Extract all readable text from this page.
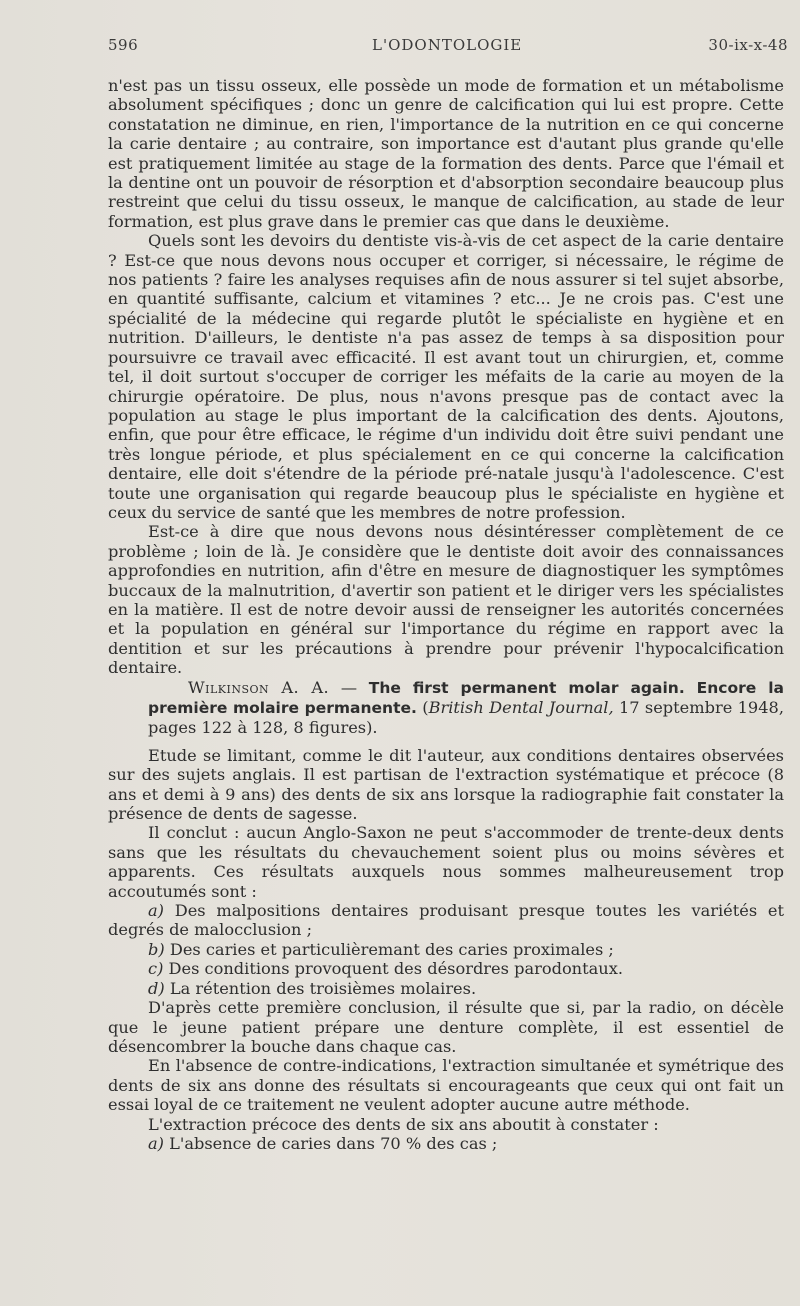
596	L'ODONTOLOGIE	30-ix-x-48

n'est pas un tissu osseux, elle possède un mode de formation et un métabolisme absolument spécifiques ; donc un genre de calcification qui lui est propre. Cette constatation ne diminue, en rien, l'importance de la nutrition en ce qui concerne la carie dentaire ; au contraire, son importance est d'autant plus grande qu'elle est pratiquement limitée au stage de la formation des dents. Parce que l'émail et la dentine ont un pouvoir de résorption et d'absorption secondaire beaucoup plus restreint que celui du tissu osseux, le manque de calcification, au stade de leur formation, est plus grave dans le premier cas que dans le deuxième.

Quels sont les devoirs du dentiste vis-à-vis de cet aspect de la carie dentaire ? Est-ce que nous devons nous occuper et corriger, si nécessaire, le régime de nos patients ? faire les analyses requises afin de nous assurer si tel sujet absorbe, en quantité suffisante, calcium et vitamines ? etc... Je ne crois pas. C'est une spécialité de la médecine qui regarde plutôt le spécialiste en hygiène et en nutrition. D'ailleurs, le dentiste n'a pas assez de temps à sa disposition pour poursuivre ce travail avec efficacité. Il est avant tout un chirurgien, et, comme tel, il doit surtout s'occuper de corriger les méfaits de la carie au moyen de la chirurgie opératoire. De plus, nous n'avons presque pas de contact avec la population au stage le plus important de la calcification des dents. Ajoutons, enfin, que pour être efficace, le régime d'un individu doit être suivi pendant une très longue période, et plus spécialement en ce qui concerne la calcification dentaire, elle doit s'étendre de la période pré-natale jusqu'à l'adolescence. C'est toute une organisation qui regarde beaucoup plus le spécialiste en hygiène et ceux du service de santé que les membres de notre profession.

Est-ce à dire que nous devons nous désintéresser complètement de ce problème ; loin de là. Je considère que le dentiste doit avoir des connaissances approfondies en nutrition, afin d'être en mesure de diagnostiquer les symptômes buccaux de la malnutrition, d'avertir son patient et le diriger vers les spécialistes en la matière. Il est de notre devoir aussi de renseigner les autorités concernées et la population en général sur l'importance du régime en rapport avec la dentition et sur les précautions à prendre pour prévenir l'hypocalcification dentaire.

Wilkinson A. A. — The first permanent molar again. Encore la première molaire permanente. (British Dental Journal, 17 septembre 1948, pages 122 à 128, 8 figures).

Etude se limitant, comme le dit l'auteur, aux conditions dentaires observées sur des sujets anglais. Il est partisan de l'extraction systématique et précoce (8 ans et demi à 9 ans) des dents de six ans lorsque la radiographie fait constater la présence de dents de sagesse.

Il conclut : aucun Anglo-Saxon ne peut s'accommoder de trente-deux dents sans que les résultats du chevauchement soient plus ou moins sévères et apparents. Ces résultats auxquels nous sommes malheureusement trop accoutumés sont :

a) Des malpositions dentaires produisant presque toutes les variétés et degrés de malocclusion ;

b) Des caries et particulièremant des caries proximales ;

c) Des conditions provoquent des désordres parodontaux.

d) La rétention des troisièmes molaires.

D'après cette première conclusion, il résulte que si, par la radio, on décèle que le jeune patient prépare une denture complète, il est essentiel de désencombrer la bouche dans chaque cas.

En l'absence de contre-indications, l'extraction simultanée et symétrique des dents de six ans donne des résultats si encourageants que ceux qui ont fait un essai loyal de ce traitement ne veulent adopter aucune autre méthode.

L'extraction précoce des dents de six ans aboutit à constater :

a) L'absence de caries dans 70 % des cas ;
